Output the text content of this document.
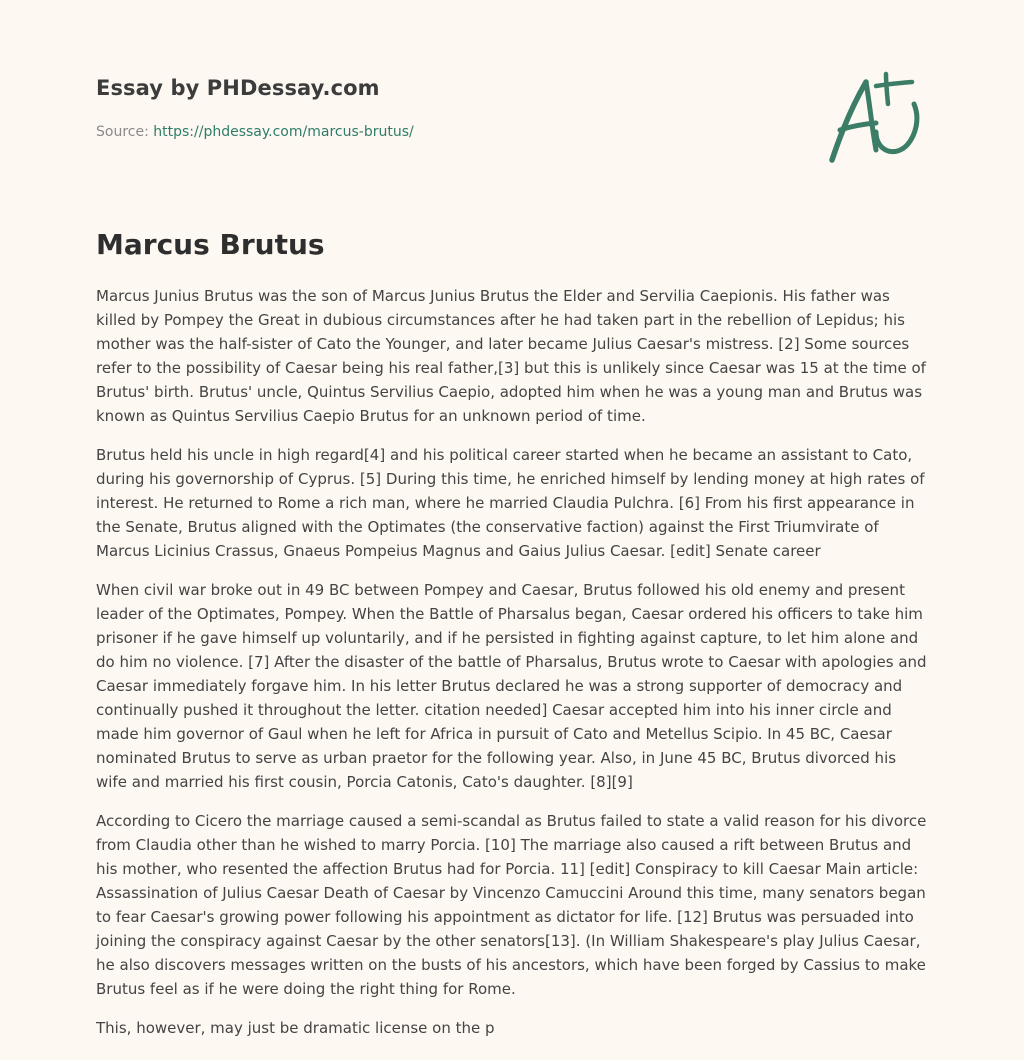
Essay by PHDessay.com
Source: https://phdessay.com/marcus-brutus/
Marcus Brutus

Marcus Junius Brutus was the son of Marcus Junius Brutus the Elder and Servilia Caepionis. His father was killed by Pompey the Great in dubious circumstances after he had taken part in the rebellion of Lepidus; his mother was the half-sister of Cato the Younger, and later became Julius Caesar's mistress. [2] Some sources refer to the possibility of Caesar being his real father,[3] but this is unlikely since Caesar was 15 at the time of Brutus' birth. Brutus' uncle, Quintus Servilius Caepio, adopted him when he was a young man and Brutus was known as Quintus Servilius Caepio Brutus for an unknown period of time.

Brutus held his uncle in high regard[4] and his political career started when he became an assistant to Cato, during his governorship of Cyprus. [5] During this time, he enriched himself by lending money at high rates of interest. He returned to Rome a rich man, where he married Claudia Pulchra. [6] From his first appearance in the Senate, Brutus aligned with the Optimates (the conservative faction) against the First Triumvirate of Marcus Licinius Crassus, Gnaeus Pompeius Magnus and Gaius Julius Caesar. [edit] Senate career

When civil war broke out in 49 BC between Pompey and Caesar, Brutus followed his old enemy and present leader of the Optimates, Pompey. When the Battle of Pharsalus began, Caesar ordered his officers to take him prisoner if he gave himself up voluntarily, and if he persisted in fighting against capture, to let him alone and do him no violence. [7] After the disaster of the battle of Pharsalus, Brutus wrote to Caesar with apologies and Caesar immediately forgave him. In his letter Brutus declared he was a strong supporter of democracy and continually pushed it throughout the letter. citation needed] Caesar accepted him into his inner circle and made him governor of Gaul when he left for Africa in pursuit of Cato and Metellus Scipio. In 45 BC, Caesar nominated Brutus to serve as urban praetor for the following year. Also, in June 45 BC, Brutus divorced his wife and married his first cousin, Porcia Catonis, Cato's daughter. [8][9]

According to Cicero the marriage caused a semi-scandal as Brutus failed to state a valid reason for his divorce from Claudia other than he wished to marry Porcia. [10] The marriage also caused a rift between Brutus and his mother, who resented the affection Brutus had for Porcia. 11] [edit] Conspiracy to kill Caesar Main article: Assassination of Julius Caesar Death of Caesar by Vincenzo Camuccini Around this time, many senators began to fear Caesar's growing power following his appointment as dictator for life. [12] Brutus was persuaded into joining the conspiracy against Caesar by the other senators[13]. (In William Shakespeare's play Julius Caesar, he also discovers messages written on the busts of his ancestors, which have been forged by Cassius to make Brutus feel as if he were doing the right thing for Rome.

This, however, may just be dramatic license on the p
